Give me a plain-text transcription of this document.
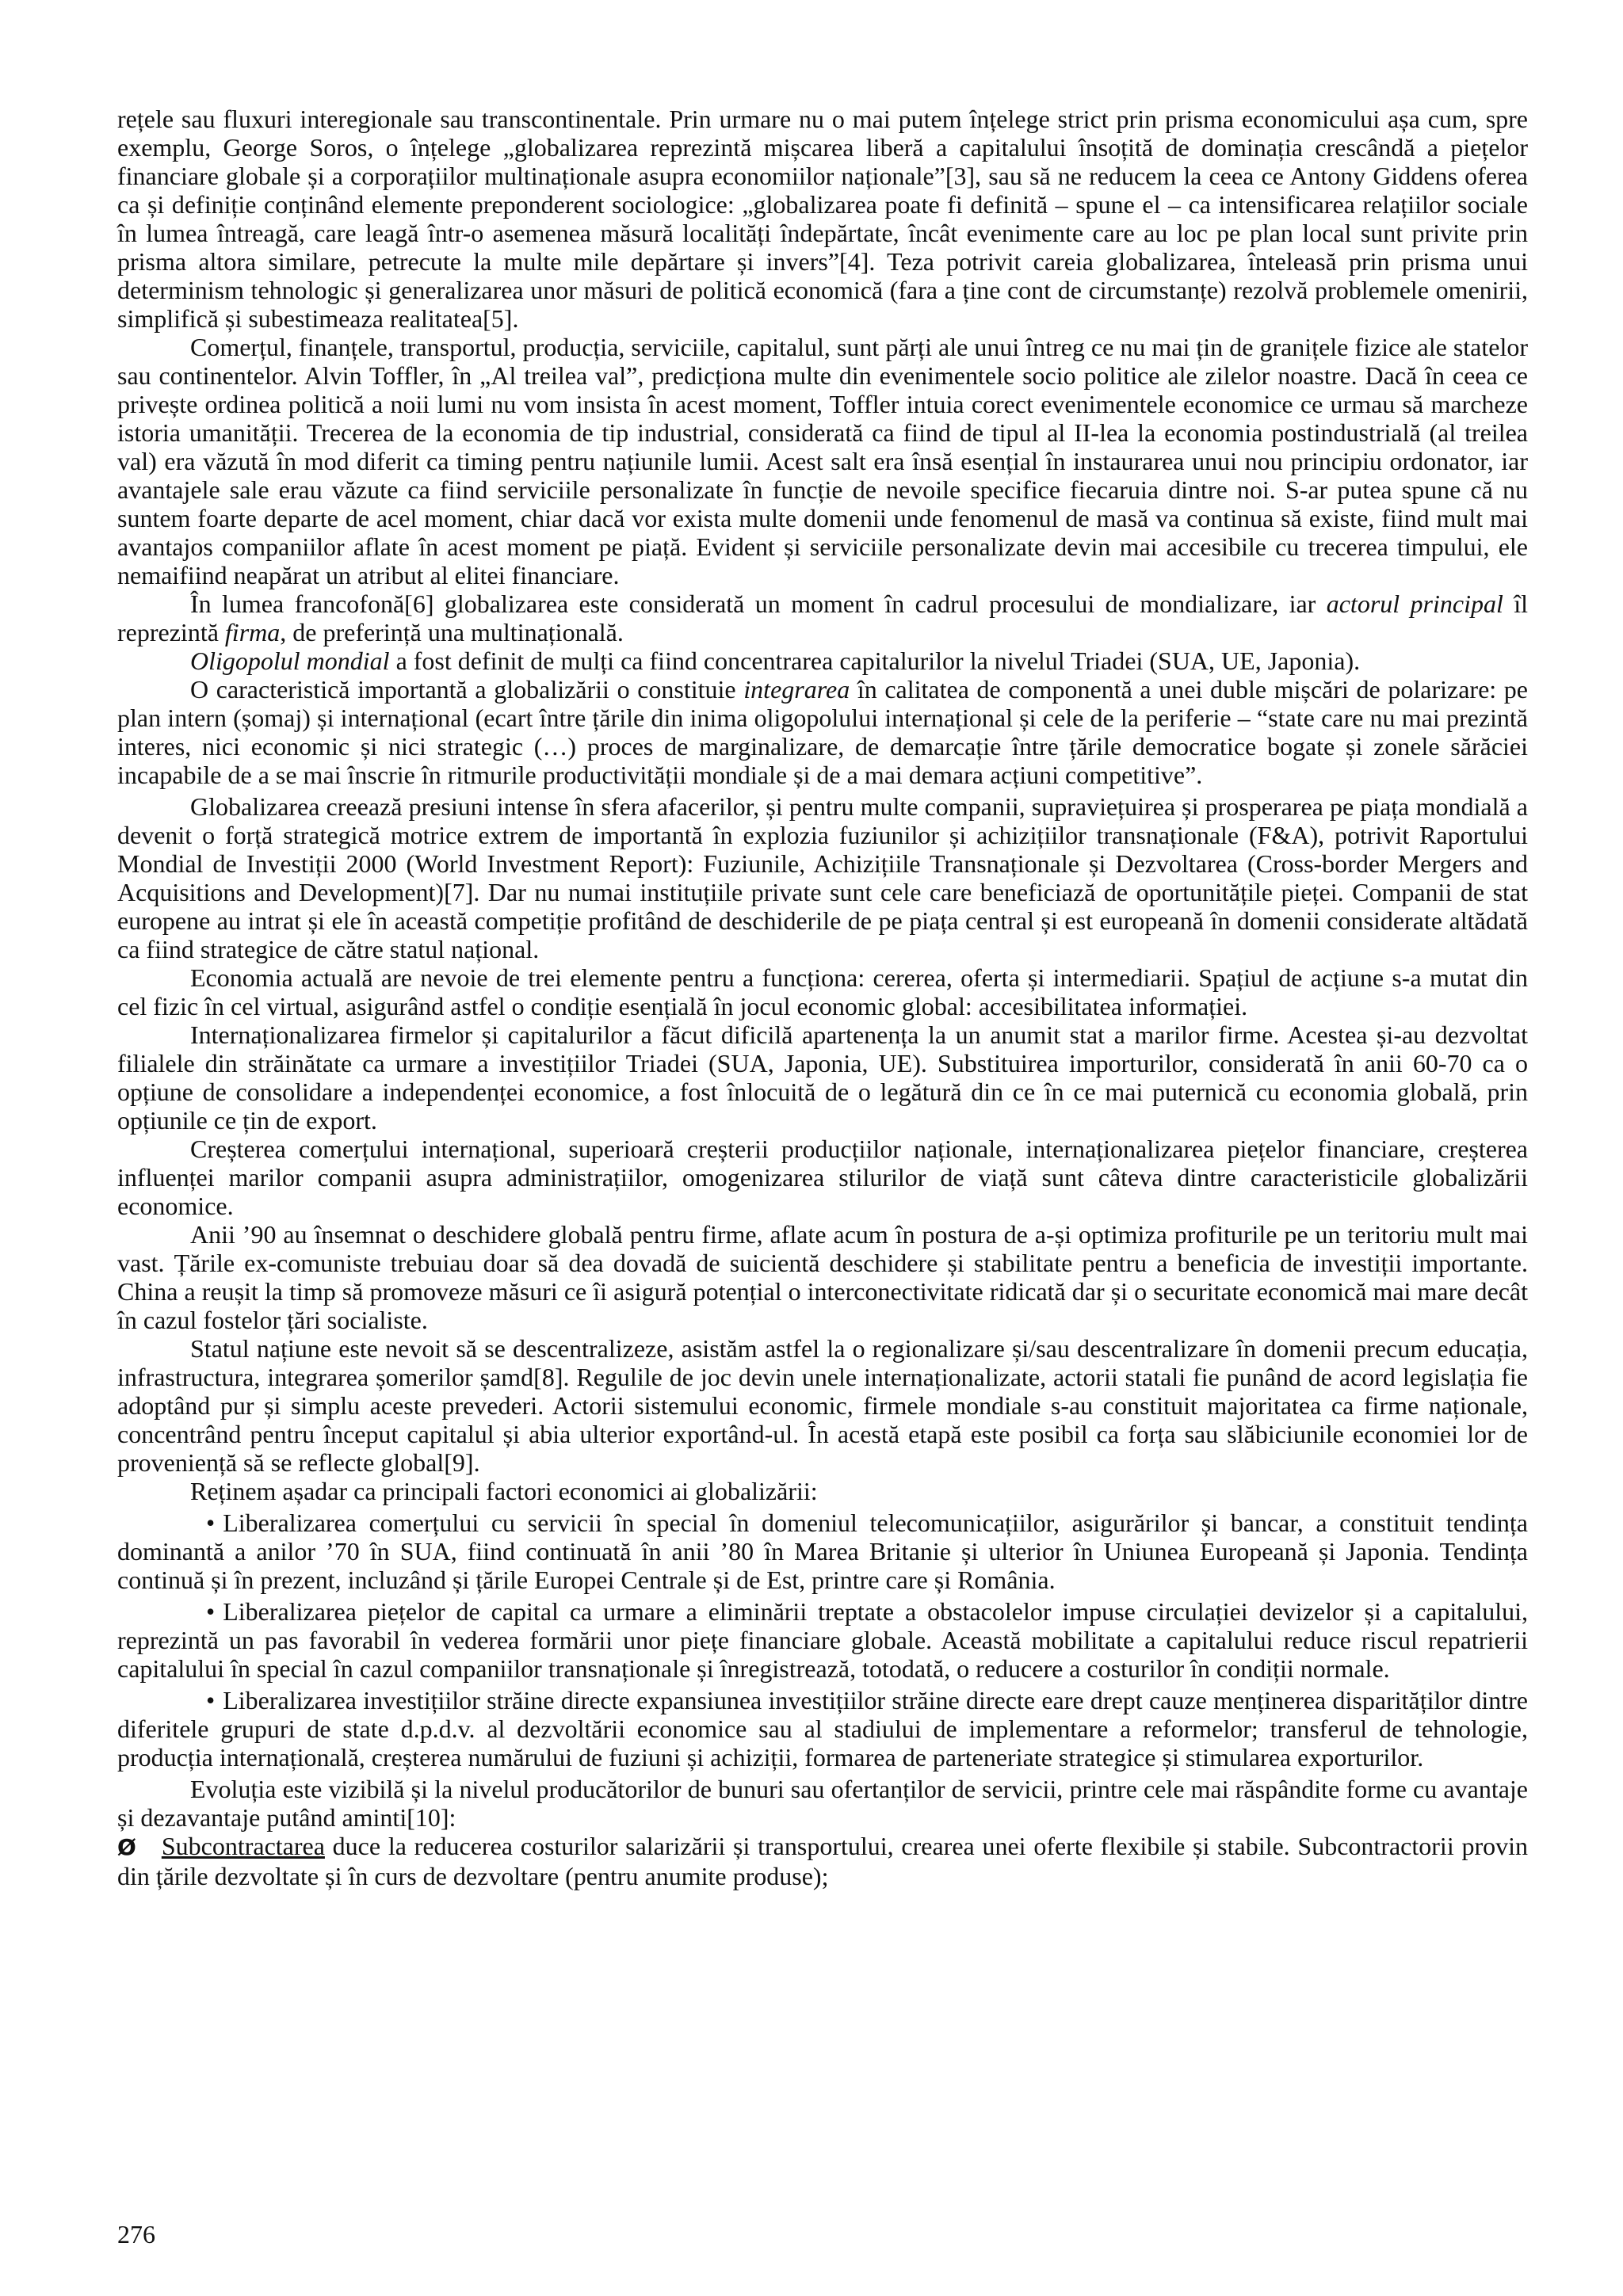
rețele sau fluxuri interegionale sau transcontinentale. Prin urmare nu o mai putem înțelege strict prin prisma economicului așa cum, spre exemplu, George Soros, o înțelege „globalizarea reprezintă mișcarea liberă a capitalului însoțită de dominația crescândă a piețelor financiare globale și a corporațiilor multinaționale asupra economiilor naționale”[3], sau să ne reducem la ceea ce Antony Giddens oferea ca și definiție conținând elemente preponderent sociologice: „globalizarea poate fi definită – spune el – ca intensificarea relațiilor sociale în lumea întreagă, care leagă într-o asemenea măsură localități îndepărtate, încât evenimente care au loc pe plan local sunt privite prin prisma altora similare, petrecute la multe mile depărtare și invers”[4]. Teza potrivit careia globalizarea, înteleasă prin prisma unui determinism tehnologic și generalizarea unor măsuri de politică economică (fara a ține cont de circumstanțe) rezolvă problemele omenirii, simplifică și subestimeaza realitatea[5].

Comerțul, finanțele, transportul, producția, serviciile, capitalul, sunt părți ale unui întreg ce nu mai țin de granițele fizice ale statelor sau continentelor. Alvin Toffler, în „Al treilea val”, predicționa multe din evenimentele socio politice ale zilelor noastre. Dacă în ceea ce privește ordinea politică a noii lumi nu vom insista în acest moment, Toffler intuia corect evenimentele economice ce urmau să marcheze istoria umanității. Trecerea de la economia de tip industrial, considerată ca fiind de tipul al II-lea la economia postindustrială (al treilea val) era văzută în mod diferit ca timing pentru națiunile lumii. Acest salt era însă esențial în instaurarea unui nou principiu ordonator, iar avantajele sale erau văzute ca fiind serviciile personalizate în funcție de nevoile specifice fiecaruia dintre noi. S-ar putea spune că nu suntem foarte departe de acel moment, chiar dacă vor exista multe domenii unde fenomenul de masă va continua să existe, fiind mult mai avantajos companiilor aflate în acest moment pe piață. Evident și serviciile personalizate devin mai accesibile cu trecerea timpului, ele nemaifiind neapărat un atribut al elitei financiare.

În lumea francofonă[6] globalizarea este considerată un moment în cadrul procesului de mondializare, iar actorul principal îl reprezintă firma, de preferință una multinațională.

Oligopolul mondial a fost definit de mulți ca fiind concentrarea capitalurilor la nivelul Triadei (SUA, UE, Japonia).

O caracteristică importantă a globalizării o constituie integrarea în calitatea de componentă a unei duble mișcări de polarizare: pe plan intern (șomaj) și internațional (ecart între țările din inima oligopolului internațional și cele de la periferie – “state care nu mai prezintă interes, nici economic și nici strategic (…) proces de marginalizare, de demarcație între țările democratice bogate și zonele sărăciei incapabile de a se mai înscrie în ritmurile productivității mondiale și de a mai demara acțiuni competitive”.

Globalizarea creează presiuni intense în sfera afacerilor, și pentru multe companii, supraviețuirea și prosperarea pe piața mondială a devenit o forță strategică motrice extrem de importantă în explozia fuziunilor și achizițiilor transnaționale (F&A), potrivit Raportului Mondial de Investiții 2000 (World Investment Report): Fuziunile, Achizițiile Transnaționale și Dezvoltarea (Cross-border Mergers and Acquisitions and Development)[7]. Dar nu numai instituțiile private sunt cele care beneficiază de oportunitățile pieței. Companii de stat europene au intrat și ele în această competiție profitând de deschiderile de pe piața central și est europeană în domenii considerate altădată ca fiind strategice de către statul național.

Economia actuală are nevoie de trei elemente pentru a funcționa: cererea, oferta și intermediarii. Spațiul de acțiune s-a mutat din cel fizic în cel virtual, asigurând astfel o condiție esențială în jocul economic global: accesibilitatea informației.

Internaționalizarea firmelor și capitalurilor a făcut dificilă apartenența la un anumit stat a marilor firme. Acestea și-au dezvoltat filialele din străinătate ca urmare a investițiilor Triadei (SUA, Japonia, UE). Substituirea importurilor, considerată în anii 60-70 ca o opțiune de consolidare a independenței economice, a fost înlocuită de o legătură din ce în ce mai puternică cu economia globală, prin opțiunile ce țin de export.

Creșterea comerțului internațional, superioară creșterii producțiilor naționale, internaționalizarea piețelor financiare, creșterea influenței marilor companii asupra administrațiilor, omogenizarea stilurilor de viață sunt câteva dintre caracteristicile globalizării economice.

Anii ’90 au însemnat o deschidere globală pentru firme, aflate acum în postura de a-și optimiza profiturile pe un teritoriu mult mai vast. Țările ex-comuniste trebuiau doar să dea dovadă de suicientă deschidere și stabilitate pentru a beneficia de investiții importante. China a reușit la timp să promoveze măsuri ce îi asigură potențial o interconectivitate ridicată dar și o securitate economică mai mare decât în cazul fostelor țări socialiste.

Statul națiune este nevoit să se descentralizeze, asistăm astfel la o regionalizare și/sau descentralizare în domenii precum educația, infrastructura, integrarea șomerilor șamd[8]. Regulile de joc devin unele internaționalizate, actorii statali fie punând de acord legislația fie adoptând pur și simplu aceste prevederi. Actorii sistemului economic, firmele mondiale s-au constituit majoritatea ca firme naționale, concentrând pentru început capitalul și abia ulterior exportând-ul. În acestă etapă este posibil ca forța sau slăbiciunile economiei lor de proveniență să se reflecte global[9].

Reținem așadar ca principali factori economici ai globalizării:

• Liberalizarea comerțului cu servicii în special în domeniul telecomunicațiilor, asigurărilor și bancar, a constituit tendința dominantă a anilor ’70 în SUA, fiind continuată în anii ’80 în Marea Britanie și ulterior în Uniunea Europeană și Japonia. Tendința continuă și în prezent, incluzând și țările Europei Centrale și de Est, printre care și România.

• Liberalizarea piețelor de capital ca urmare a eliminării treptate a obstacolelor impuse circulației devizelor și a capitalului, reprezintă un pas favorabil în vederea formării unor piețe financiare globale. Această mobilitate a capitalului reduce riscul repatrierii capitalului în special în cazul companiilor transnaționale și înregistrează, totodată, o reducere a costurilor în condiții normale.

• Liberalizarea investițiilor străine directe expansiunea investițiilor străine directe eare drept cauze menținerea disparităților dintre diferitele grupuri de state d.p.d.v. al dezvoltării economice sau al stadiului de implementare a reformelor; transferul de tehnologie, producția internațională, creșterea numărului de fuziuni și achiziții, formarea de parteneriate strategice și stimularea exporturilor.

Evoluția este vizibilă și la nivelul producătorilor de bunuri sau ofertanților de servicii, printre cele mai răspândite forme cu avantaje și dezavantaje putând aminti[10]:

Ø Subcontractarea duce la reducerea costurilor salarizării și transportului, crearea unei oferte flexibile și stabile. Subcontractorii provin din țările dezvoltate și în curs de dezvoltare (pentru anumite produse);

276
